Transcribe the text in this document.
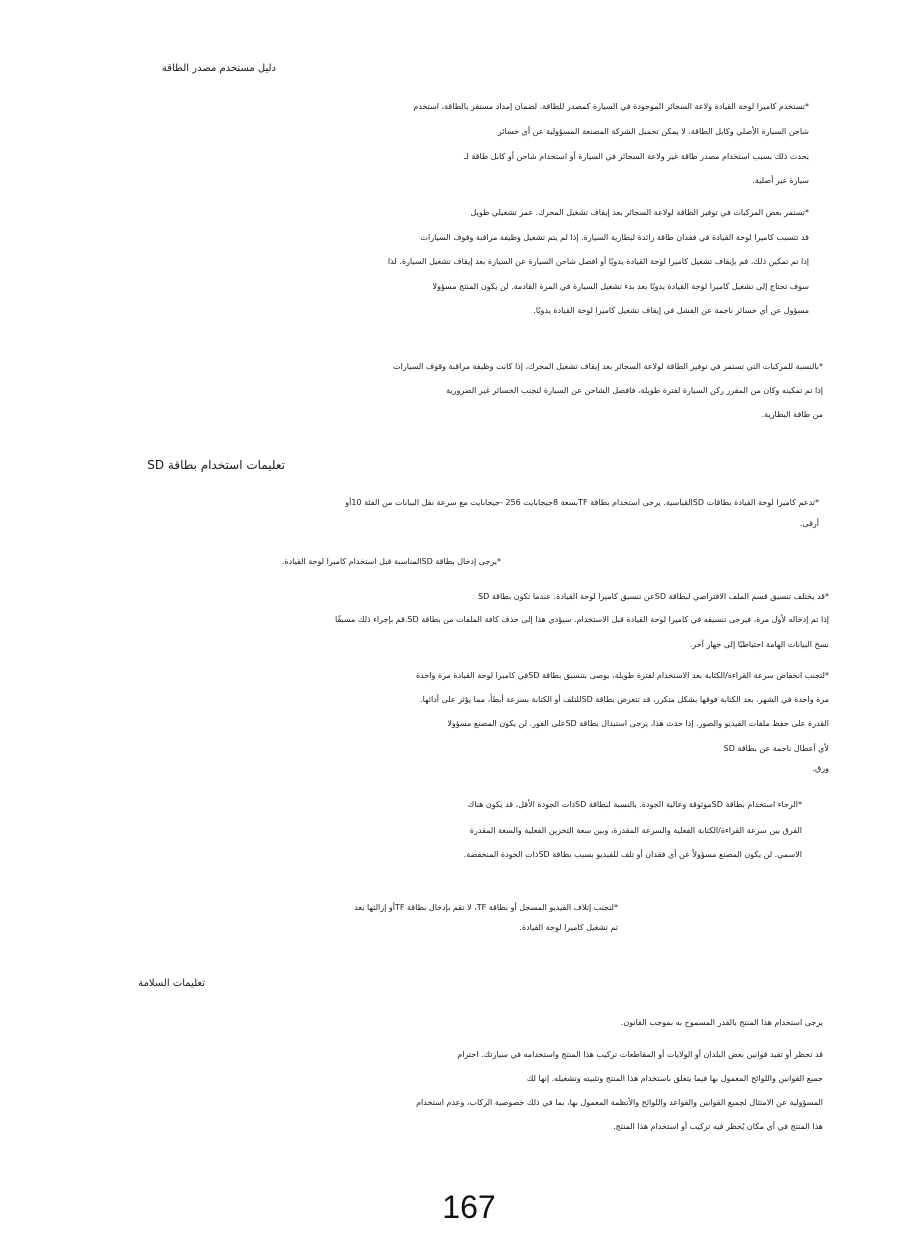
دليل مستخدم مصدر الطاقة
*تستخدم كاميرا لوحة القيادة ولاعة السجائر الموجودة في السيارة كمصدر للطاقة. لضمان إمداد مستقر بالطاقة، استخدم
شاحن السيارة الأصلي وكابل الطاقة. لا يمكن تحميل الشركة المصنعة المسؤولية عن أي خسائر
يحدث ذلك بسبب استخدام مصدر طاقة غير ولاعة السجائر في السيارة أو استخدام شاحن أو كابل طاقة لـ
سيارة غير أصلية.
*تستمر بعض المركبات في توفير الطاقة لولاعة السجائر بعد إيقاف تشغيل المحرك. عمر تشغيلي طويل
قد تتسبب كاميرا لوحة القيادة في فقدان طاقة زائدة لبطارية السيارة. إذا لم يتم تشغيل وظيفة مراقبة وقوف السيارات
إذا تم تمكين ذلك، قم بإيقاف تشغيل كاميرا لوحة القيادة يدويًا أو افصل شاحن السيارة عن السيارة بعد إيقاف تشغيل السيارة. لذا
سوف تحتاج إلى تشغيل كاميرا لوحة القيادة يدويًا بعد بدء تشغيل السيارة في المرة القادمة. لن يكون المنتج مسؤولا
مسؤول عن أي خسائر ناجمة عن الفشل في إيقاف تشغيل كاميرا لوحة القيادة يدويًا.
*بالنسبة للمركبات التي تستمر في توفير الطاقة لولاعة السجائر بعد إيقاف تشغيل المحرك، إذا كانت وظيفة مراقبة وقوف السيارات
إذا تم تمكينه وكان من المقرر ركن السيارة لفترة طويلة، فافصل الشاحن عن السيارة لتجنب الخسائر غير الضرورية
من طاقة البطارية.
تعليمات استخدام بطاقة SD
*تدعم كاميرا لوحة القيادة بطاقات SDالقياسية. يرجى استخدام بطاقة TFبسعة 8جيجابايت 256 -جيجابايت مع سرعة نقل البيانات من الفئة 10أو
أرقى.
*يرجى إدخال بطاقة SDالمناسبة قبل استخدام كاميرا لوحة القيادة.
*قد يختلف تنسيق قسم الملف الافتراضي لبطاقة SDعن تنسيق كاميرا لوحة القيادة. عندما تكون بطاقة SD
إذا تم إدخاله لأول مرة، فيرجى تنسيقه في كاميرا لوحة القيادة قبل الاستخدام. سيؤدي هذا إلى حذف كافة الملفات من بطاقة SD.قم بإجراء ذلك مسبقًا
نسخ البيانات الهامة احتياطيًا إلى جهاز آخر.
*لتجنب انخفاض سرعة القراءة/الكتابة بعد الاستخدام لفترة طويلة، يوصى بتنسيق بطاقة SDفي كاميرا لوحة القيادة مرة واحدة
مرة واحدة في الشهر. بعد الكتابة فوقها بشكل متكرر، قد تتعرض بطاقة SDللتلف أو الكتابة بسرعة أبطأ، مما يؤثر على أدائها.
القدرة على حفظ ملفات الفيديو والصور. إذا حدث هذا، يرجى استبدال بطاقة SDعلى الفور. لن يكون المصنع مسؤولا
لأي أعطال ناجمة عن بطاقة SD
ورق.
*الرجاء استخدام بطاقة SDموثوقة وعالية الجودة. بالنسبة لبطاقة SDذات الجودة الأقل، قد يكون هناك
الفرق بين سرعة القراءة/الكتابة الفعلية والسرعة المقدرة، وبين سعة التخزين الفعلية والسعة المقدرة
الاسمي. لن يكون المصنع مسؤولاً عن أي فقدان أو تلف للفيديو بسبب بطاقة SDذات الجودة المنخفضة.
*لتجنب إتلاف الفيديو المسجل أو بطاقة TF، لا تقم بإدخال بطاقة TFأو إزالتها بعد
تم تشغيل كاميرا لوحة القيادة.
تعليمات السلامة
يرجى استخدام هذا المنتج بالقدر المسموح به بموجب القانون.
قد تحظر أو تقيد قوانين بعض البلدان أو الولايات أو المقاطعات تركيب هذا المنتج واستخدامه في سيارتك. احترام
جميع القوانين واللوائح المعمول بها فيما يتعلق باستخدام هذا المنتج وتثبيته وتشغيله. إنها لك
المسؤولية عن الامتثال لجميع القوانين والقواعد واللوائح والأنظمة المعمول بها، بما في ذلك خصوصية الركاب، وعدم استخدام
هذا المنتج في أي مكان يُحظر فيه تركيب أو استخدام هذا المنتج.
167
